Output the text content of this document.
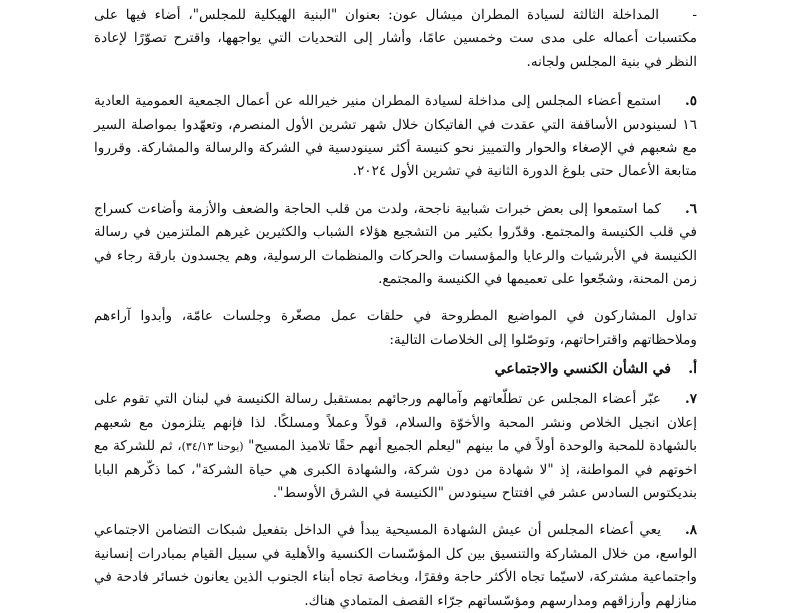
-المداخلة الثالثة لسيادة المطران ميشال عون: بعنوان "البنية الهيكلية للمجلس"، أضاء فيها على مكتسبات أعماله على مدى ست وخمسين عامًا، وأشار إلى التحديات التي يواجهها، واقترح تصوّرًا لإعادة النظر في بنية المجلس ولجانه.

٥.استمع أعضاء المجلس إلى مداخلة لسيادة المطران منير خيرالله عن أعمال الجمعية العمومية العادية ١٦ لسينودس الأساقفة التي عقدت في الفاتيكان خلال شهر تشرين الأول المنصرم، وتعهّدوا بمواصلة السير مع شعبهم في الإصغاء والحوار والتمييز نحو كنيسة أكثر سينودسية في الشركة والرسالة والمشاركة. وقرروا متابعة الأعمال حتى بلوغ الدورة الثانية في تشرين الأول ٢٠٢٤.

٦.كما استمعوا إلى بعض خبرات شبابية ناجحة، ولدت من قلب الحاجة والضعف والأزمة وأضاءت كسراج في قلب الكنيسة والمجتمع. وقدّروا بكثير من التشجيع هؤلاء الشباب والكثيرين غيرهم الملتزمين في رسالة الكنيسة في الأبرشيات والرعايا والمؤسسات والحركات والمنظمات الرسولية، وهم يجسدون بارقة رجاء في زمن المحنة، وشجّعوا على تعميمها في الكنيسة والمجتمع.

تداول المشاركون في المواضيع المطروحة في حلقات عمل مصغّرة وجلسات عامّة، وأبدوا آراءهم وملاحظاتهم واقتراحاتهم، وتوصّلوا إلى الخلاصات التالية:

أ.في الشأن الكنسي والاجتماعي

٧.عبّر أعضاء المجلس عن تطلّعاتهم وآمالهم ورجائهم بمستقبل رسالة الكنيسة في لبنان التي تقوم على إعلان انجيل الخلاص ونشر المحبة والأخوّة والسلام، قولاً وعملاً ومسلكًا. لذا فإنهم يتلزمون مع شعبهم بالشهادة للمحبة والوحدة أولاً في ما بينهم "ليعلم الجميع أنهم حقًا تلاميذ المسيح" (يوحنا ٣٤/١٣)، ثم للشركة مع اخوتهم في المواطنة، إذ "لا شهادة من دون شركة، والشهادة الكبرى هي حياة الشركة"، كما ذكّرهم البابا بنديكتوس السادس عشر في افتتاح سينودس "الكنيسة في الشرق الأوسط".

٨.يعي أعضاء المجلس أن عيش الشهادة المسيحية يبدأ في الداخل بتفعيل شبكات التضامن الاجتماعي الواسع، من خلال المشاركة والتنسيق بين كل المؤسّسات الكنسية والأهلية في سبيل القيام بمبادرات إنسانية واجتماعية مشتركة، لاسيّما تجاه الأكثر حاجة وفقرًا، وبخاصة تجاه أبناء الجنوب الذين يعانون خسائر فادحة في منازلهم وأرزاقهم ومدارسهم ومؤسّساتهم جرّاء القصف المتمادي هناك.
